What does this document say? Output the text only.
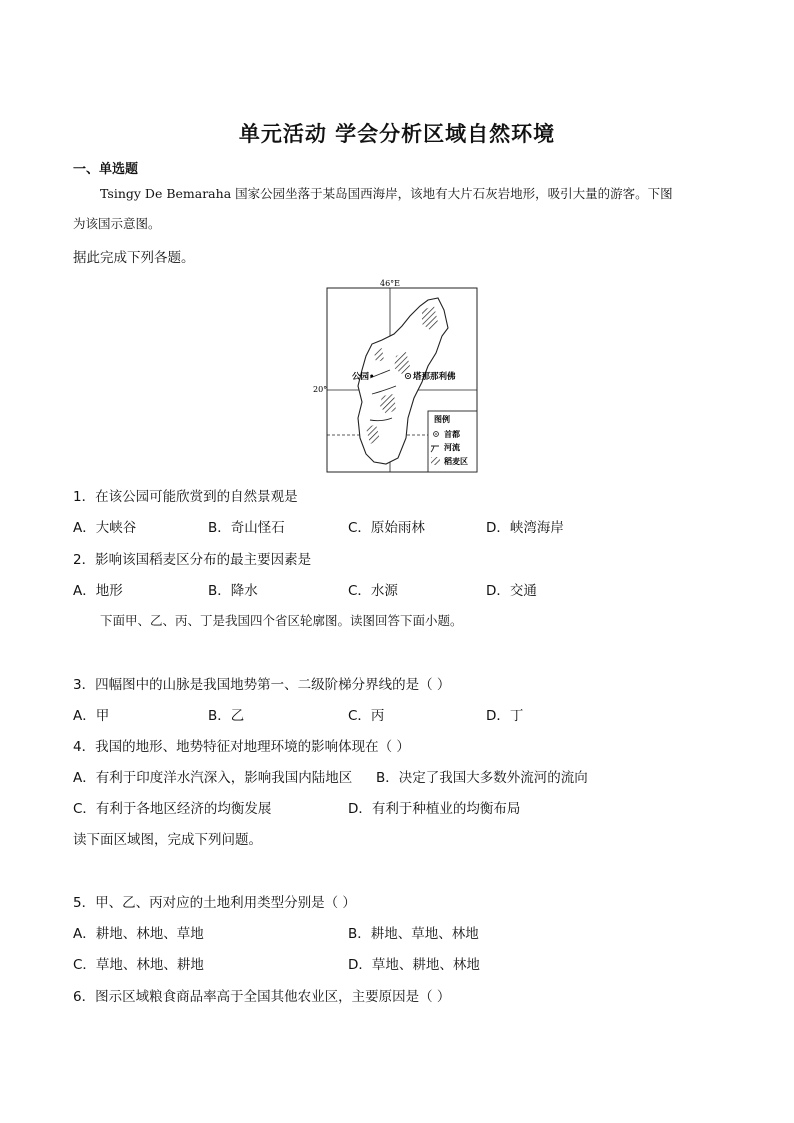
单元活动 学会分析区域自然环境
一、单选题
Tsingy De Bemaraha 国家公园坐落于某岛国西海岸，该地有大片石灰岩地形，吸引大量的游客。下图
为该国示意图。
据此完成下列各题。
46°E
20°
公园•	塔那那利佛
图例
首都
河流
稻麦区
1．在该公园可能欣赏到的自然景观是
A．大峡谷	B．奇山怪石	C．原始雨林	D．峡湾海岸
2．影响该国稻麦区分布的最主要因素是
A．地形	B．降水	C．水源	D．交通
下面甲、乙、丙、丁是我国四个省区轮廓图。读图回答下面小题。
3．四幅图中的山脉是我国地势第一、二级阶梯分界线的是（ ）
A．甲	B．乙	C．丙	D．丁
4．我国的地形、地势特征对地理环境的影响体现在（ ）
A．有利于印度洋水汽深入，影响我国内陆地区 B．决定了我国大多数外流河的流向
C．有利于各地区经济的均衡发展	D．有利于种植业的均衡布局
读下面区域图，完成下列问题。
5．甲、乙、丙对应的土地利用类型分别是（ ）
A．耕地、林地、草地	B．耕地、草地、林地
C．草地、林地、耕地	D．草地、耕地、林地
6．图示区域粮食商品率高于全国其他农业区，主要原因是（ ）
